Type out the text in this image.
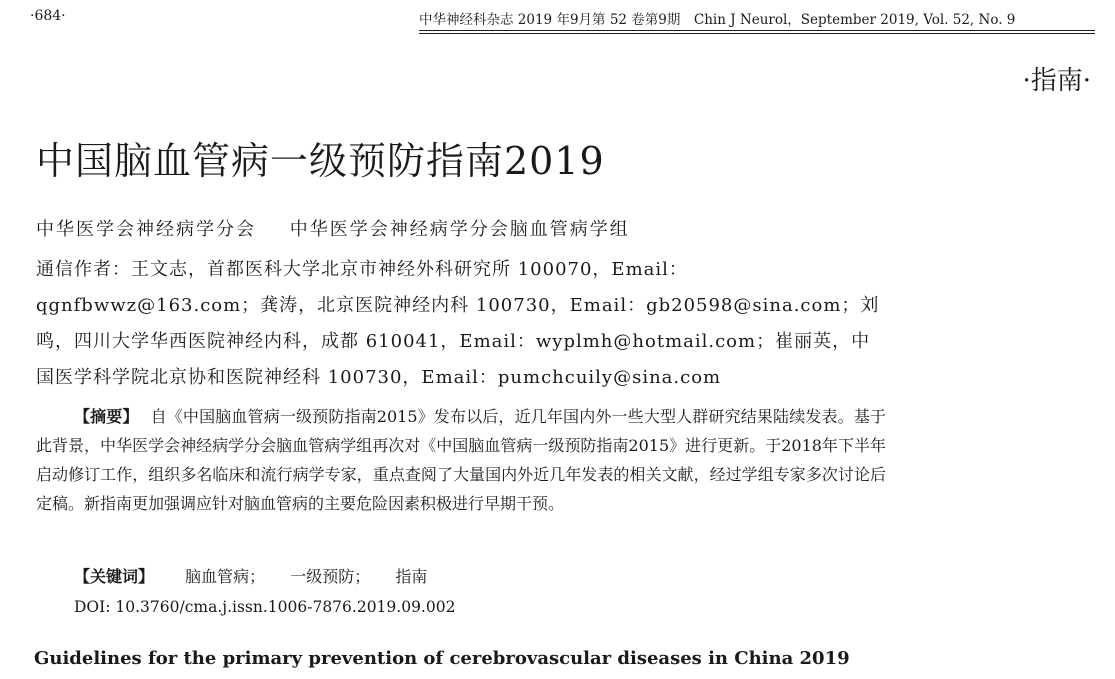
·684·	中华神经科杂志 2019 年9月第 52 卷第9期　Chin J Neurol，September 2019, Vol. 52, No. 9
·指南·
中国脑血管病一级预防指南2019
中华医学会神经病学分会 中华医学会神经病学分会脑血管病学组
通信作者：王文志，首都医科大学北京市神经外科研究所 100070，Email：qgnfbwwz@163.com；龚涛，北京医院神经内科 100730，Email：gb20598@sina.com；刘鸣，四川大学华西医院神经内科，成都 610041，Email：wyplmh@hotmail.com；崔丽英，中国医学科学院北京协和医院神经科 100730，Email：pumchcuily@sina.com
【摘要】 自《中国脑血管病一级预防指南2015》发布以后，近几年国内外一些大型人群研究结果陆续发表。基于此背景，中华医学会神经病学分会脑血管病学组再次对《中国脑血管病一级预防指南2015》进行更新。于2018年下半年启动修订工作，组织多名临床和流行病学专家，重点查阅了大量国内外近几年发表的相关文献，经过学组专家多次讨论后定稿。新指南更加强调应针对脑血管病的主要危险因素积极进行早期干预。
【关键词】 脑血管病； 一级预防； 指南
DOI: 10.3760/cma.j.issn.1006-7876.2019.09.002
Guidelines for the primary prevention of cerebrovascular diseases in China 2019
